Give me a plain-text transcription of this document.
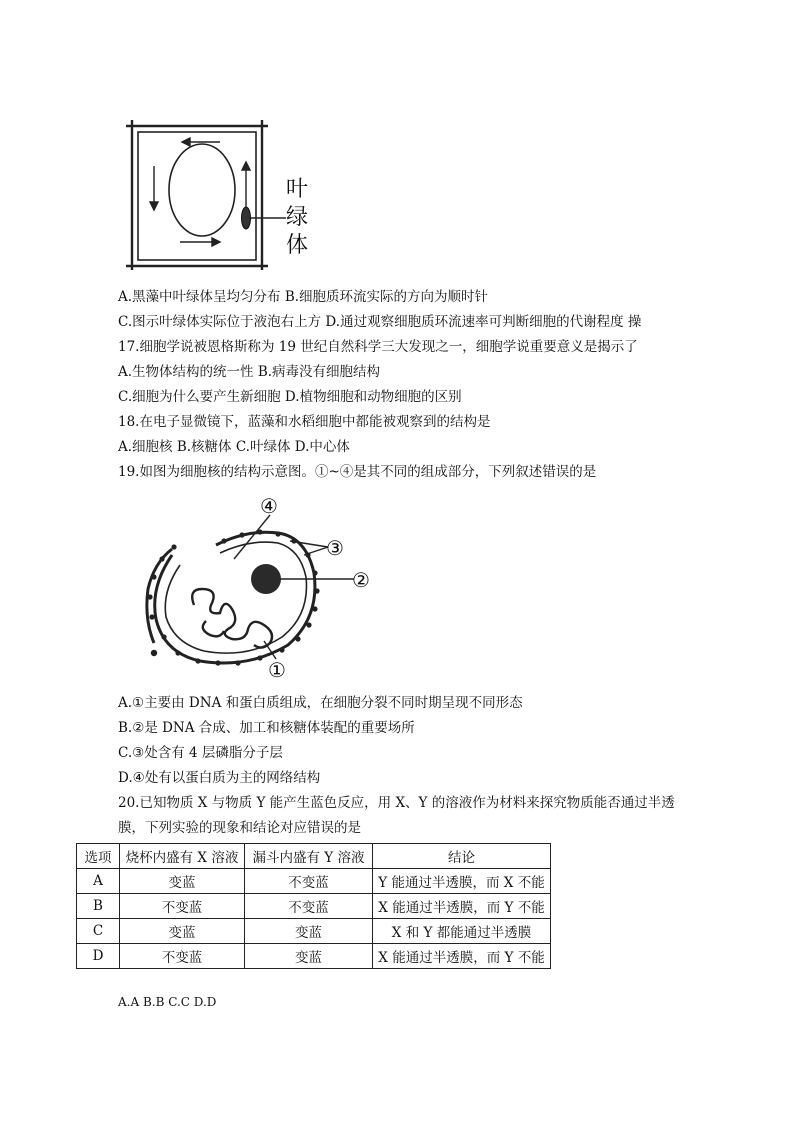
叶 绿 体
A.黑藻中叶绿体呈均匀分布 B.细胞质环流实际的方向为顺时针
C.图示叶绿体实际位于液泡右上方 D.通过观察细胞质环流速率可判断细胞的代谢程度 操
17.细胞学说被恩格斯称为 19 世纪自然科学三大发现之一，细胞学说重要意义是揭示了
A.生物体结构的统一性 B.病毒没有细胞结构
C.细胞为什么要产生新细胞 D.植物细胞和动物细胞的区别
18.在电子显微镜下，蓝藻和水稻细胞中都能被观察到的结构是
A.细胞核 B.核糖体 C.叶绿体 D.中心体
19.如图为细胞核的结构示意图。①~④是其不同的组成部分，下列叙述错误的是
①
②
③
④
A.①主要由 DNA 和蛋白质组成，在细胞分裂不同时期呈现不同形态
B.②是 DNA 合成、加工和核糖体装配的重要场所
C.③处含有 4 层磷脂分子层
D.④处有以蛋白质为主的网络结构
20.已知物质 X 与物质 Y 能产生蓝色反应，用 X、Y 的溶液作为材料来探究物质能否通过半透
膜，下列实验的现象和结论对应错误的是
选项	烧杯内盛有 X 溶液	漏斗内盛有 Y 溶液	结论
A	变蓝	不变蓝	Y 能通过半透膜，而 X 不能
B	不变蓝	不变蓝	X 能通过半透膜，而 Y 不能
C	变蓝	变蓝	X 和 Y 都能通过半透膜
D	不变蓝	变蓝	X 能通过半透膜，而 Y 不能
A.A B.B C.C D.D
